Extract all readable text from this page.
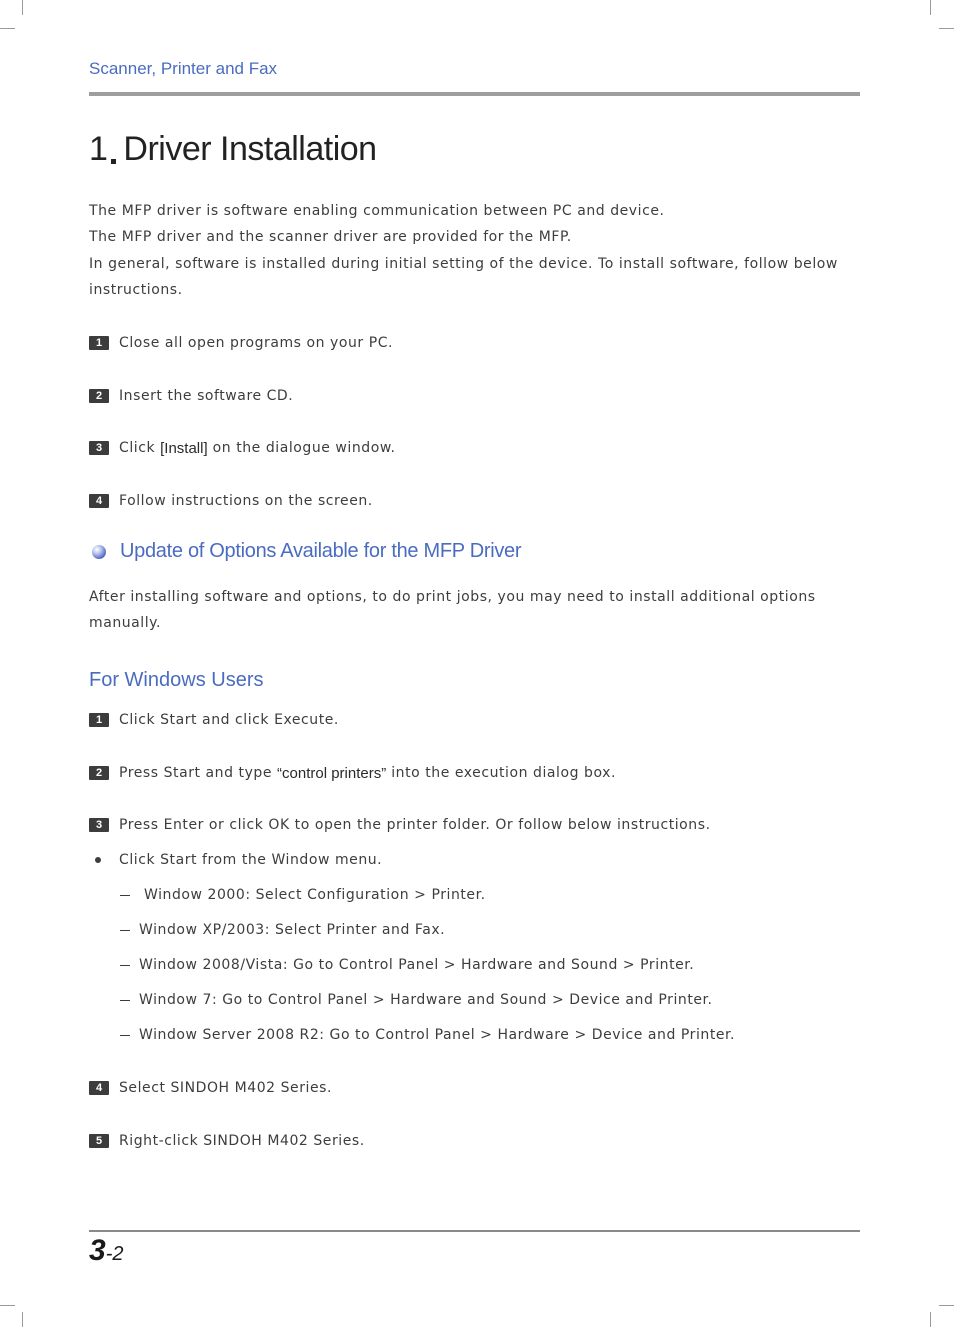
Scanner, Printer and Fax
1 Driver Installation
The MFP driver is software enabling communication between PC and device.
The MFP driver and the scanner driver are provided for the MFP.
In general, software is installed during initial setting of the device. To install software, follow below instructions.
1	Close all open programs on your PC.
2	Insert the software CD.
3	Click [Install] on the dialogue window.
4	Follow instructions on the screen.
Update of Options Available for the MFP Driver
After installing software and options, to do print jobs, you may need to install additional options manually.
For Windows Users
1	Click Start and click Execute.
2	Press Start and type “control printers” into the execution dialog box.
3	Press Enter or click OK to open the printer folder. Or follow below instructions.
Click Start from the Window menu.
Window 2000: Select Configuration > Printer.
Window XP/2003: Select Printer and Fax.
Window 2008/Vista: Go to Control Panel > Hardware and Sound > Printer.
Window 7: Go to Control Panel > Hardware and Sound > Device and Printer.
Window Server 2008 R2: Go to Control Panel > Hardware > Device and Printer.
4	Select SINDOH M402 Series.
5	Right-click SINDOH M402 Series.
3-2
